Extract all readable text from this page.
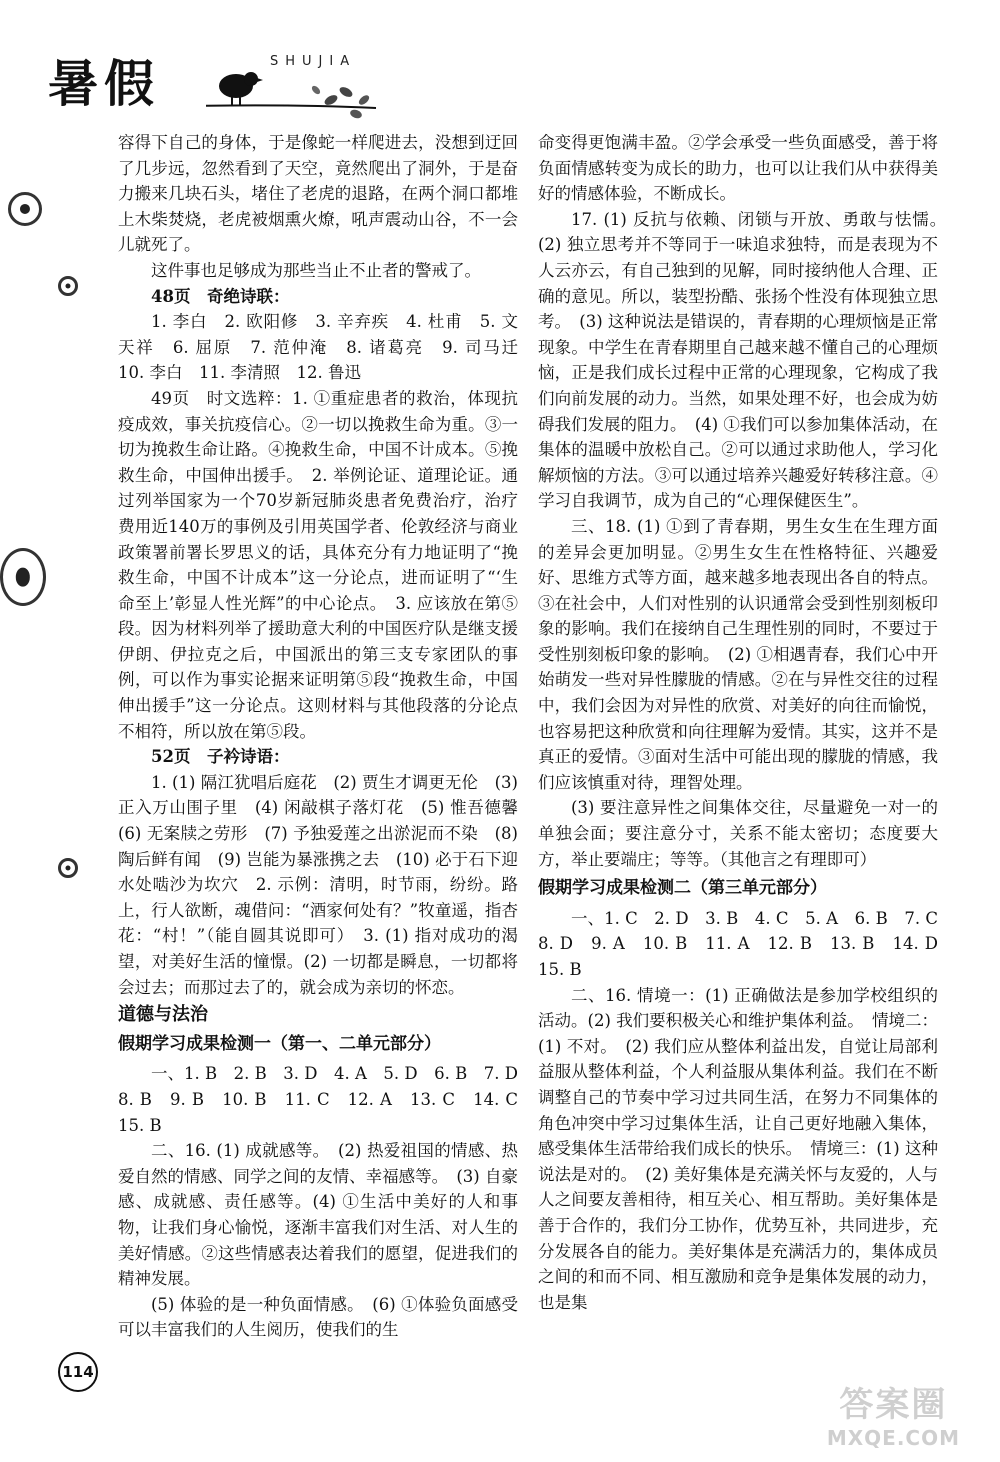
暑假	SHUJIA

容得下自己的身体，于是像蛇一样爬进去，没想到迂回了几步远，忽然看到了天空，竟然爬出了洞外，于是奋力搬来几块石头，堵住了老虎的退路，在两个洞口都堆上木柴焚烧，老虎被烟熏火燎，吼声震动山谷，不一会儿就死了。

这件事也足够成为那些当止不止者的警戒了。

48页　奇绝诗联：

1. 李白　2. 欧阳修　3. 辛弃疾　4. 杜甫　5. 文天祥　6. 屈原　7. 范仲淹　8. 诸葛亮　9. 司马迁　10. 李白　11. 李清照　12. 鲁迅

49页　时文选粹：1. ①重症患者的救治，体现抗疫成效，事关抗疫信心。②一切以挽救生命为重。③一切为挽救生命让路。④挽救生命，中国不计成本。⑤挽救生命，中国伸出援手。　2. 举例论证、道理论证。通过列举国家为一个70岁新冠肺炎患者免费治疗，治疗费用近140万的事例及引用英国学者、伦敦经济与商业政策署前署长罗思义的话，具体充分有力地证明了“挽救生命，中国不计成本”这一分论点，进而证明了“‘生命至上’彰显人性光辉”的中心论点。　3. 应该放在第⑤段。因为材料列举了援助意大利的中国医疗队是继支援伊朗、伊拉克之后，中国派出的第三支专家团队的事例，可以作为事实论据来证明第⑤段“挽救生命，中国伸出援手”这一分论点。这则材料与其他段落的分论点不相符，所以放在第⑤段。

52页　子衿诗语：

1. (1) 隔江犹唱后庭花　(2) 贾生才调更无伦　(3) 正入万山围子里　(4) 闲敲棋子落灯花　(5) 惟吾德馨　(6) 无案牍之劳形　(7) 予独爱莲之出淤泥而不染　(8) 陶后鲜有闻　(9) 岂能为暴涨携之去　(10) 必于石下迎水处啮沙为坎穴　2. 示例：清明，时节雨，纷纷。路上，行人欲断，魂借问：“酒家何处有？”牧童遥，指杏花：“村！”（能自圆其说即可）　3. (1) 指对成功的渴望，对美好生活的憧憬。(2) 一切都是瞬息，一切都将会过去；而那过去了的，就会成为亲切的怀恋。

道德与法治
假期学习成果检测一（第一、二单元部分）

一、1. B　2. B　3. D　4. A　5. D　6. B　7. D　8. B　9. B　10. B　11. C　12. A　13. C　14. C　15. B

二、16. (1) 成就感等。　(2) 热爱祖国的情感、热爱自然的情感、同学之间的友情、幸福感等。　(3) 自豪感、成就感、责任感等。(4) ①生活中美好的人和事物，让我们身心愉悦，逐渐丰富我们对生活、对人生的美好情感。②这些情感表达着我们的愿望，促进我们的精神发展。

(5) 体验的是一种负面情感。　(6) ①体验负面感受可以丰富我们的人生阅历，使我们的生

命变得更饱满丰盈。②学会承受一些负面感受，善于将负面情感转变为成长的助力，也可以让我们从中获得美好的情感体验，不断成长。

17. (1) 反抗与依赖、闭锁与开放、勇敢与怯懦。　(2) 独立思考并不等同于一味追求独特，而是表现为不人云亦云，有自己独到的见解，同时接纳他人合理、正确的意见。所以，装型扮酷、张扬个性没有体现独立思考。　(3) 这种说法是错误的，青春期的心理烦恼是正常现象。中学生在青春期里自己越来越不懂自己的心理烦恼，正是我们成长过程中正常的心理现象，它构成了我们向前发展的动力。当然，如果处理不好，也会成为妨碍我们发展的阻力。　(4) ①我们可以参加集体活动，在集体的温暖中放松自己。②可以通过求助他人，学习化解烦恼的方法。③可以通过培养兴趣爱好转移注意。④学习自我调节，成为自己的“心理保健医生”。

三、18. (1) ①到了青春期，男生女生在生理方面的差异会更加明显。②男生女生在性格特征、兴趣爱好、思维方式等方面，越来越多地表现出各自的特点。③在社会中，人们对性别的认识通常会受到性别刻板印象的影响。我们在接纳自己生理性别的同时，不要过于受性别刻板印象的影响。　(2) ①相遇青春，我们心中开始萌发一些对异性朦胧的情感。②在与异性交往的过程中，我们会因为对异性的欣赏、对美好的向往而愉悦，也容易把这种欣赏和向往理解为爱情。其实，这并不是真正的爱情。③面对生活中可能出现的朦胧的情感，我们应该慎重对待，理智处理。

(3) 要注意异性之间集体交往，尽量避免一对一的单独会面；要注意分寸，关系不能太密切；态度要大方，举止要端庄；等等。（其他言之有理即可）

假期学习成果检测二（第三单元部分）

一、1. C　2. D　3. B　4. C　5. A　6. B　7. C　8. D　9. A　10. B　11. A　12. B　13. B　14. D　15. B

二、16. 情境一：(1) 正确做法是参加学校组织的活动。(2) 我们要积极关心和维护集体利益。　情境二：(1) 不对。　(2) 我们应从整体利益出发，自觉让局部利益服从整体利益，个人利益服从集体利益。我们在不断调整自己的节奏中学习过共同生活，在努力不同集体的角色冲突中学习过集体生活，让自己更好地融入集体，感受集体生活带给我们成长的快乐。　情境三：(1) 这种说法是对的。　(2) 美好集体是充满关怀与友爱的，人与人之间要友善相待，相互关心、相互帮助。美好集体是善于合作的，我们分工协作，优势互补，共同进步，充分发展各自的能力。美好集体是充满活力的，集体成员之间的和而不同、相互激励和竞争是集体发展的动力，也是集

114
答案圈
MXQE.COM
